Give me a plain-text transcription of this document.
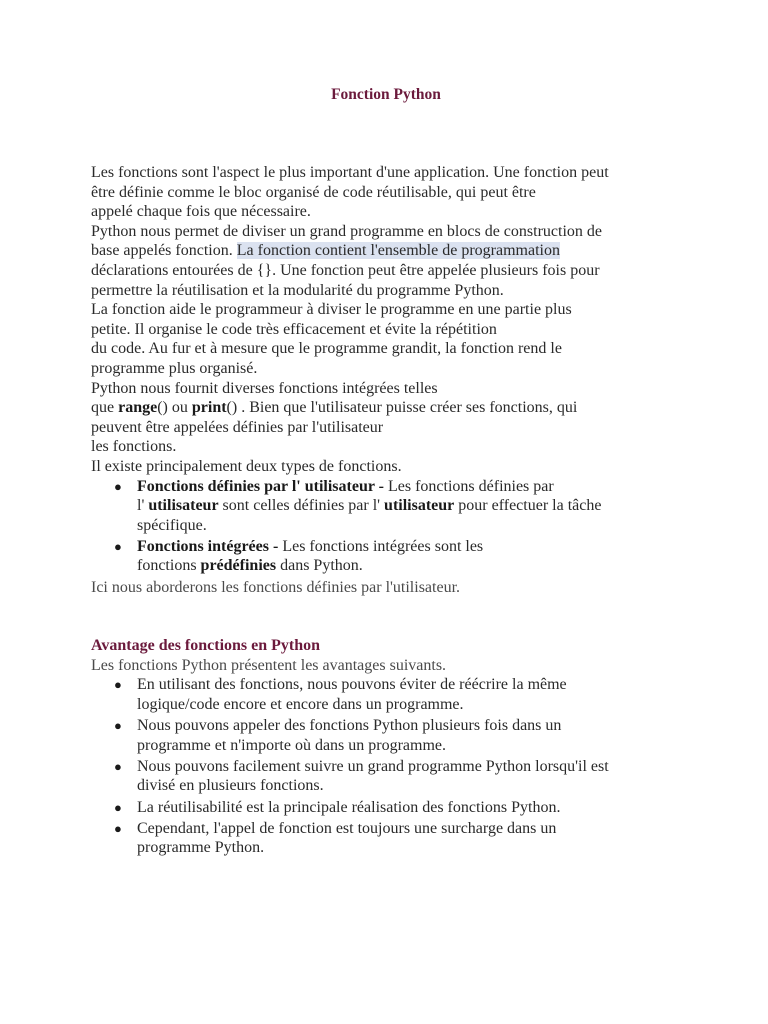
Fonction Python
Les fonctions sont l'aspect le plus important d'une application. Une fonction peut
être définie comme le bloc organisé de code réutilisable, qui peut être
appelé chaque fois que nécessaire.
Python nous permet de diviser un grand programme en blocs de construction de
base appelés fonction. La fonction contient l'ensemble de programmation
déclarations entourées de {}. Une fonction peut être appelée plusieurs fois pour
permettre la réutilisation et la modularité du programme Python.
La fonction aide le programmeur à diviser le programme en une partie plus
petite. Il organise le code très efficacement et évite la répétition
du code. Au fur et à mesure que le programme grandit, la fonction rend le
programme plus organisé.
Python nous fournit diverses fonctions intégrées telles
que range() ou print() . Bien que l'utilisateur puisse créer ses fonctions, qui
peuvent être appelées définies par l'utilisateur
les fonctions.
Il existe principalement deux types de fonctions.
● Fonctions définies par l' utilisateur - Les fonctions définies par
l' utilisateur sont celles définies par l' utilisateur pour effectuer la tâche
spécifique.
● Fonctions intégrées - Les fonctions intégrées sont les
fonctions prédéfinies dans Python.
Ici nous aborderons les fonctions définies par l'utilisateur.
Avantage des fonctions en Python
Les fonctions Python présentent les avantages suivants.
● En utilisant des fonctions, nous pouvons éviter de réécrire la même
logique/code encore et encore dans un programme.
● Nous pouvons appeler des fonctions Python plusieurs fois dans un
programme et n'importe où dans un programme.
● Nous pouvons facilement suivre un grand programme Python lorsqu'il est
divisé en plusieurs fonctions.
● La réutilisabilité est la principale réalisation des fonctions Python.
● Cependant, l'appel de fonction est toujours une surcharge dans un
programme Python.
